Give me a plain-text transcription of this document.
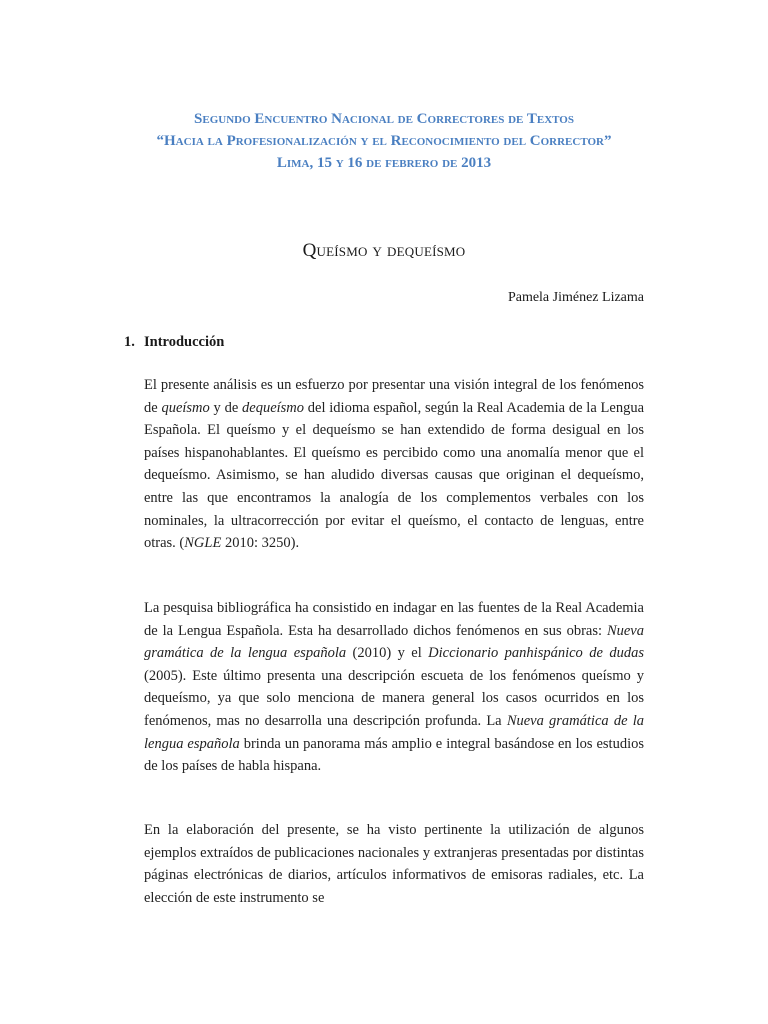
Segundo Encuentro Nacional de Correctores de Textos
“Hacia la Profesionalización y el Reconocimiento del Corrector”
Lima, 15 y 16 de febrero de 2013
Queísmo y dequeísmo
Pamela Jiménez Lizama
1. Introducción

El presente análisis es un esfuerzo por presentar una visión integral de los fenómenos de queísmo y de dequeísmo del idioma español, según la Real Academia de la Lengua Española. El queísmo y el dequeísmo se han extendido de forma desigual en los países hispanohablantes. El queísmo es percibido como una anomalía menor que el dequeísmo. Asimismo, se han aludido diversas causas que originan el dequeísmo, entre las que encontramos la analogía de los complementos verbales con los nominales, la ultracorrección por evitar el queísmo, el contacto de lenguas, entre otras. (NGLE 2010: 3250).

La pesquisa bibliográfica ha consistido en indagar en las fuentes de la Real Academia de la Lengua Española. Esta ha desarrollado dichos fenómenos en sus obras: Nueva gramática de la lengua española (2010) y el Diccionario panhispánico de dudas (2005). Este último presenta una descripción escueta de los fenómenos queísmo y dequeísmo, ya que solo menciona de manera general los casos ocurridos en los fenómenos, mas no desarrolla una descripción profunda. La Nueva gramática de la lengua española brinda un panorama más amplio e integral basándose en los estudios de los países de habla hispana.

En la elaboración del presente, se ha visto pertinente la utilización de algunos ejemplos extraídos de publicaciones nacionales y extranjeras presentadas por distintas páginas electrónicas de diarios, artículos informativos de emisoras radiales, etc. La elección de este instrumento se
